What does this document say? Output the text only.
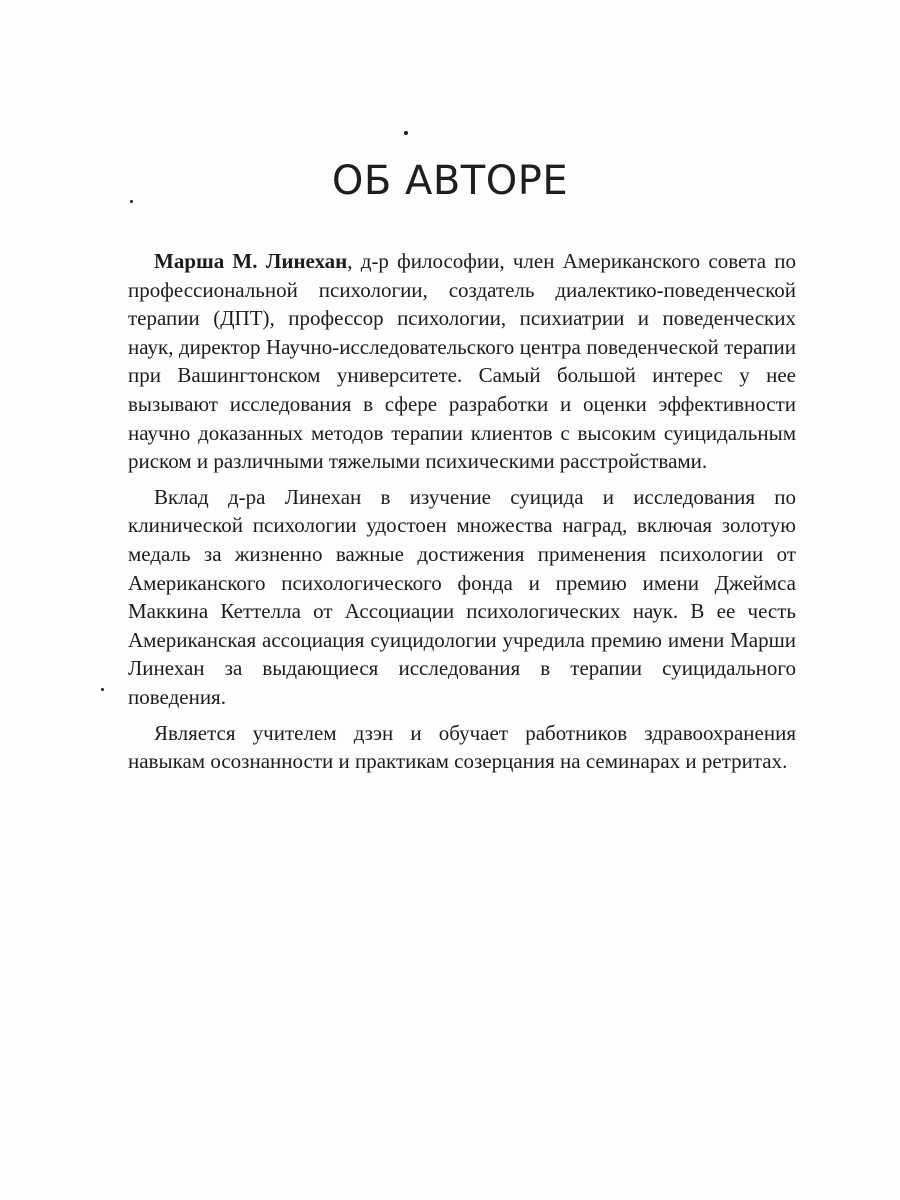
ОБ АВТОРЕ

Марша М. Линехан, д-р философии, член Американского совета по профессиональной психологии, создатель диалектико-поведенческой терапии (ДПТ), профессор психологии, психиатрии и поведенческих наук, директор Научно-исследовательского центра поведенческой терапии при Вашингтонском университете. Самый большой интерес у нее вызывают исследования в сфере разработки и оценки эффективности научно доказанных методов терапии клиентов с высоким суицидальным риском и различными тяжелыми психическими расстройствами.

Вклад д-ра Линехан в изучение суицида и исследования по клинической психологии удостоен множества наград, включая золотую медаль за жизненно важные достижения применения психологии от Американского психологического фонда и премию имени Джеймса Маккина Кеттелла от Ассоциации психологических наук. В ее честь Американская ассоциация суицидологии учредила премию имени Марши Линехан за выдающиеся исследования в терапии суицидального поведения.

Является учителем дзэн и обучает работников здравоохранения навыкам осознанности и практикам созерцания на семинарах и ретритах.
